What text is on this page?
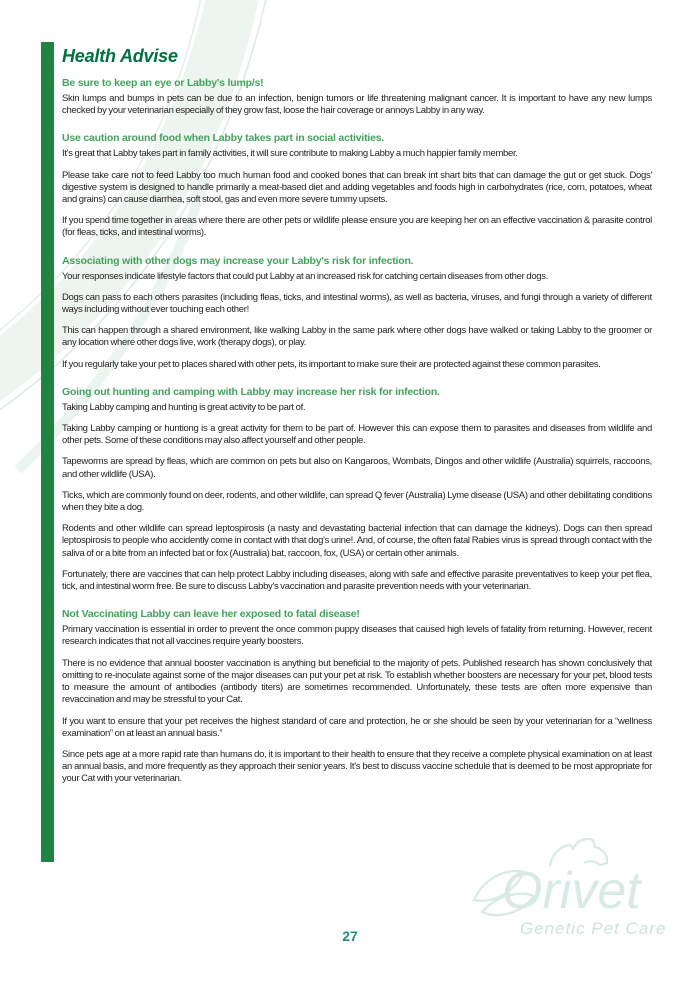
Health Advise
Be sure to keep an eye or Labby's lump/s!

Skin lumps and bumps in pets can be due to an infection, benign tumors or life threatening malignant cancer. It is important to have any new lumps checked by your veterinarian especially of they grow fast, loose the hair coverage or annoys Labby in any way.

Use caution around food when Labby takes part in social activities.

It's great that Labby takes part in family activities, it will sure contribute to making Labby a much happier family member.

Please take care not to feed Labby too much human food and cooked bones that can break int shart bits that can damage the gut or get stuck. Dogs' digestive system is designed to handle primarily a meat-based diet and adding vegetables and foods high in carbohydrates (rice, corn, potatoes, wheat and grains) can cause diarrhea, soft stool, gas and even more severe tummy upsets.

If you spend time together in areas where there are other pets or wildlife please ensure you are keeping her on an effective vaccination & parasite control (for fleas, ticks, and intestinal worms).

Associating with other dogs may increase your Labby's risk for infection.

Your responses indicate lifestyle factors that could put Labby at an increased risk for catching certain diseases from other dogs.

Dogs can pass to each others parasites (including fleas, ticks, and intestinal worms), as well as bacteria, viruses, and fungi through a variety of different ways including without ever touching each other!

This can happen through a shared environment, like walking Labby in the same park where other dogs have walked or taking Labby to the groomer or any location where other dogs live, work (therapy dogs), or play.

If you regularly take your pet to places shared with other pets, its important to make sure their are protected against these common parasites.

Going out hunting and camping with Labby may increase her risk for infection.

Taking Labby camping and hunting is great activity to be part of.

Taking Labby camping or huntiong is a great activity for them to be part of. However this can expose them to parasites and diseases from wildlife and other pets. Some of these conditions may also affect yourself and other people.

Tapeworms are spread by fleas, which are common on pets but also on Kangaroos, Wombats, Dingos and other wildlife (Australia) squirrels, raccoons, and other wildlife (USA).

Ticks, which are commonly found on deer, rodents, and other wildlife, can spread Q fever (Australia) Lyme disease (USA) and other debilitating conditions when they bite a dog.

Rodents and other wildlife can spread leptospirosis (a nasty and devastating bacterial infection that can damage the kidneys). Dogs can then spread leptospirosis to people who accidently come in contact with that dog's urine!. And, of course, the often fatal Rabies virus is spread through contact with the saliva of or a bite from an infected bat or fox (Australia) bat, raccoon, fox, (USA) or certain other animals.

Fortunately, there are vaccines that can help protect Labby including diseases, along with safe and effective parasite preventatives to keep your pet flea, tick, and intestinal worm free. Be sure to discuss Labby's vaccination and parasite prevention needs with your veterinarian.

Not Vaccinating Labby can leave her exposed to fatal disease!

Primary vaccination is essential in order to prevent the once common puppy diseases that caused high levels of fatality from returning. However, recent research indicates that not all vaccines require yearly boosters.

There is no evidence that annual booster vaccination is anything but beneficial to the majority of pets. Published research has shown conclusively that omitting to re-inoculate against some of the major diseases can put your pet at risk. To establish whether boosters are necessary for your pet, blood tests to measure the amount of antibodies (antibody titers) are sometimes recommended. Unfortunately, these tests are often more expensive than revaccination and may be stressful to your Cat.

If you want to ensure that your pet receives the highest standard of care and protection, he or she should be seen by your veterinarian for a “wellness examination” on at least an annual basis.”

Since pets age at a more rapid rate than humans do, it is important to their health to ensure that they receive a complete physical examination on at least an annual basis, and more frequently as they approach their senior years. It's best to discuss vaccine schedule that is deemed to be most appropriate for your Cat with your veterinarian.

Orivet
Genetic Pet Care
27
